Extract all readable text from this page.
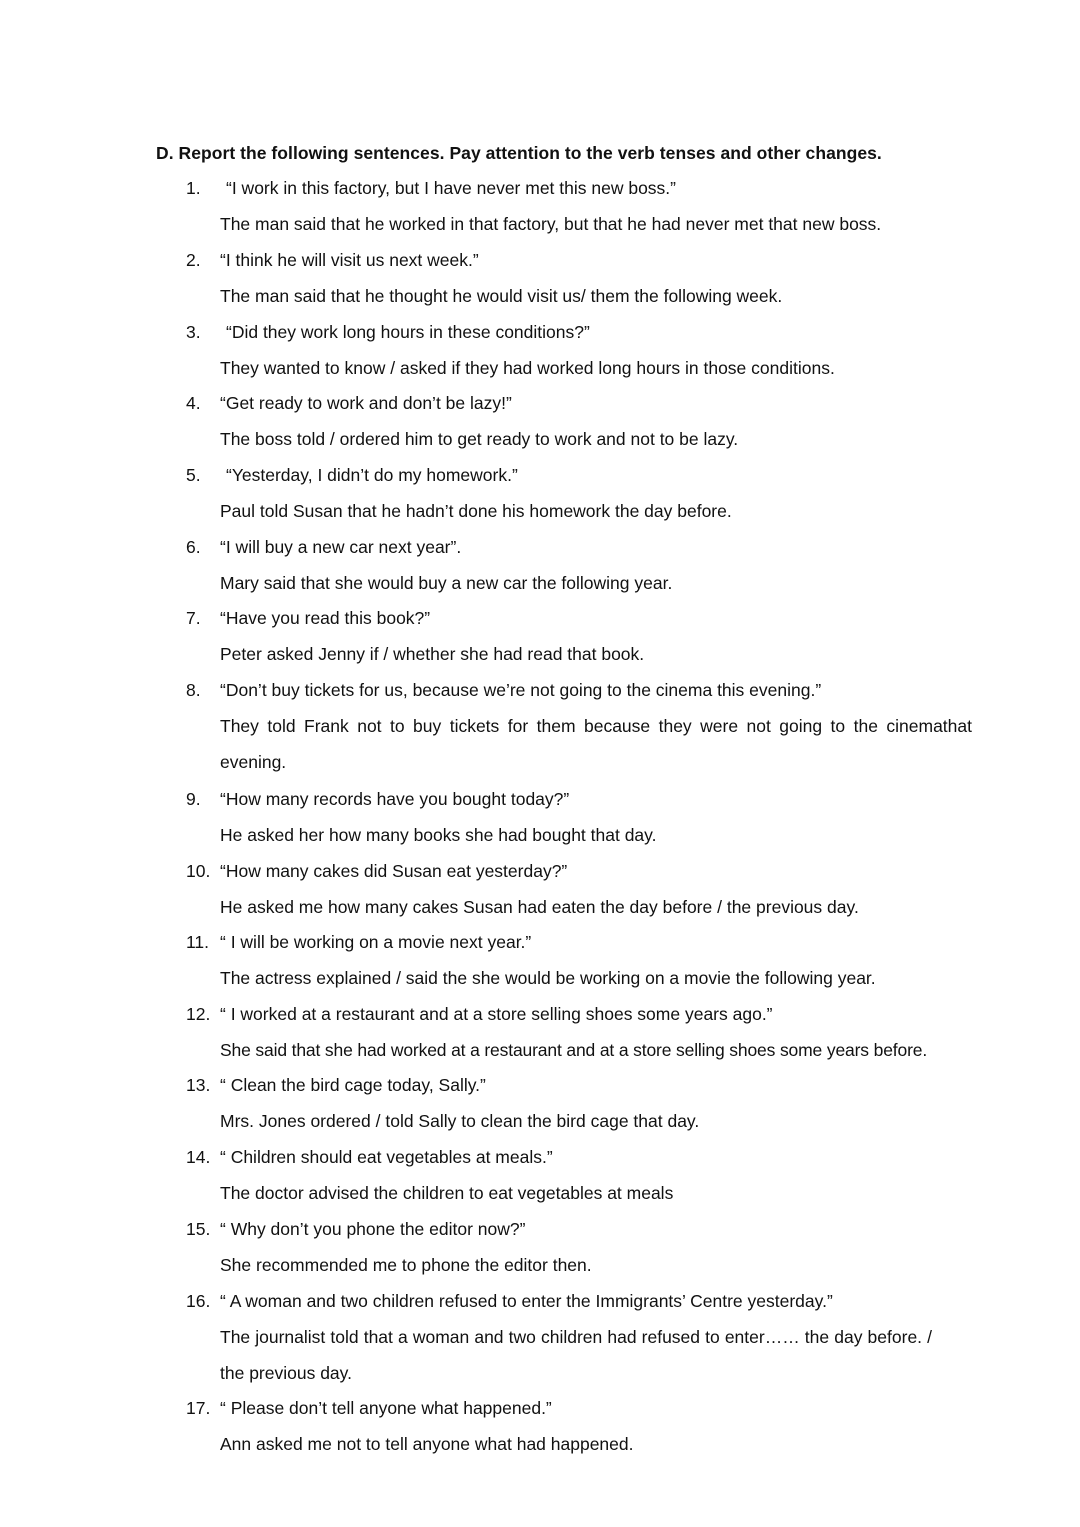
D. Report the following sentences. Pay attention to the verb tenses and other changes.
1.	“I work in this factory, but I have never met this new boss.”
The man said that he worked in that factory, but that he had never met that new boss.
2.	“I think he will visit us next week.”
The man said that he thought he would visit us/ them the following week.
3.	“Did they work long hours in these conditions?”
They wanted to know / asked if they had worked long hours in those conditions.
4.	“Get ready to work and don’t be lazy!”
The boss told / ordered him to get ready to work and not to be lazy.
5.	“Yesterday, I didn’t do my homework.”
Paul told Susan that he hadn’t done his homework the day before.
6.	“I will buy a new car next year”.
Mary said that she would buy a new car the following year.
7.	“Have you read this book?”
Peter asked Jenny if / whether she had read that book.
8.	“Don’t buy tickets for us, because we’re not going to the cinema this evening.”
They told Frank not to buy tickets for them because they were not going to the cinemathat evening.
9.	“How many records have you bought today?”
He asked her how many books she had bought that day.
10. “How many cakes did Susan eat yesterday?”
He asked me how many cakes Susan had eaten the day before / the previous day.
11. “ I will be working on a movie next year.”
The actress explained / said the she would be working on a movie the following year.
12. “ I worked at a restaurant and at a store selling shoes some years ago.”
She said that she had worked at a restaurant and at a store selling shoes some years before.
13. “ Clean the bird cage today, Sally.”
Mrs. Jones ordered / told Sally to clean the bird cage that day.
14. “ Children should eat vegetables at meals.”
The doctor advised the children to eat vegetables at meals
15. “ Why don’t you phone the editor now?”
She recommended me to phone the editor then.
16. “ A woman and two children refused to enter the Immigrants’ Centre yesterday.”
The journalist told that a woman and two children had refused to enter…… the day before. / the previous day.
17. “ Please don’t tell anyone what happened.”
Ann asked me not to tell anyone what had happened.
